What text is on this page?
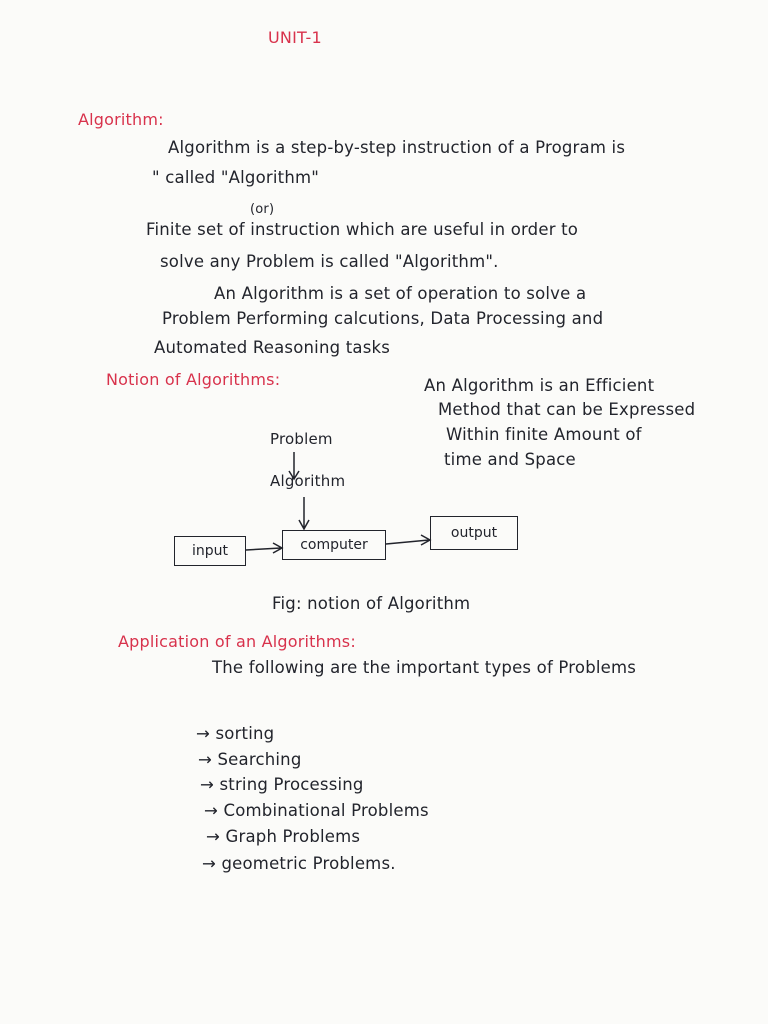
UNIT-1
Algorithm:
Algorithm is a step-by-step instruction of a Program is
" called "Algorithm"
(or)
Finite set of instruction which are useful in order to
solve any Problem is called "Algorithm".
An Algorithm is a set of operation to solve a
Problem Performing calcutions, Data Processing and
Automated Reasoning tasks
Notion of Algorithms:	An Algorithm is an Efficient
Method that can be Expressed
Within finite Amount of
time and Space
Problem
Algorithm
input	computer
output
Fig: notion of Algorithm
Application of an Algorithms:
The following are the important types of Problems
→ sorting
→ Searching
→ string Processing
→ Combinational Problems
→ Graph Problems
→ geometric Problems.
